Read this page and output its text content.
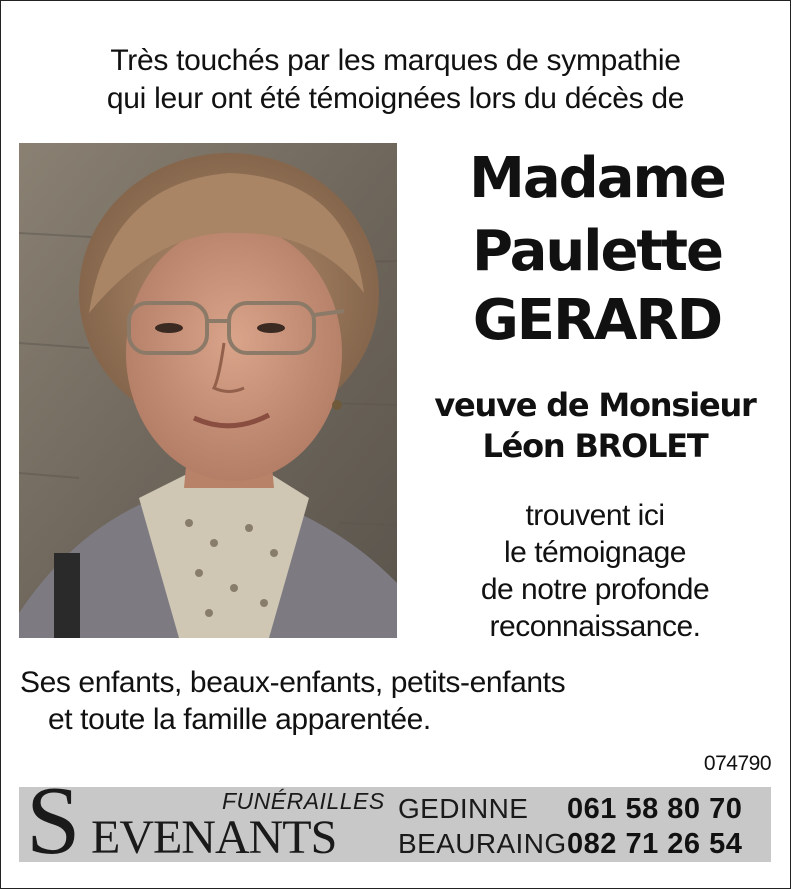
Très touchés par les marques de sympathie
qui leur ont été témoignées lors du décès de
Madame
Paulette
GERARD
veuve de Monsieur
Léon BROLET
trouvent ici
le témoignage
de notre profonde
reconnaissance.
Ses enfants, beaux-enfants, petits-enfants
et toute la famille apparentée.
074790
S EVENANTS
FUNÉRAILLES GEDINNE 061 58 80 70
BEAURAING 082 71 26 54
